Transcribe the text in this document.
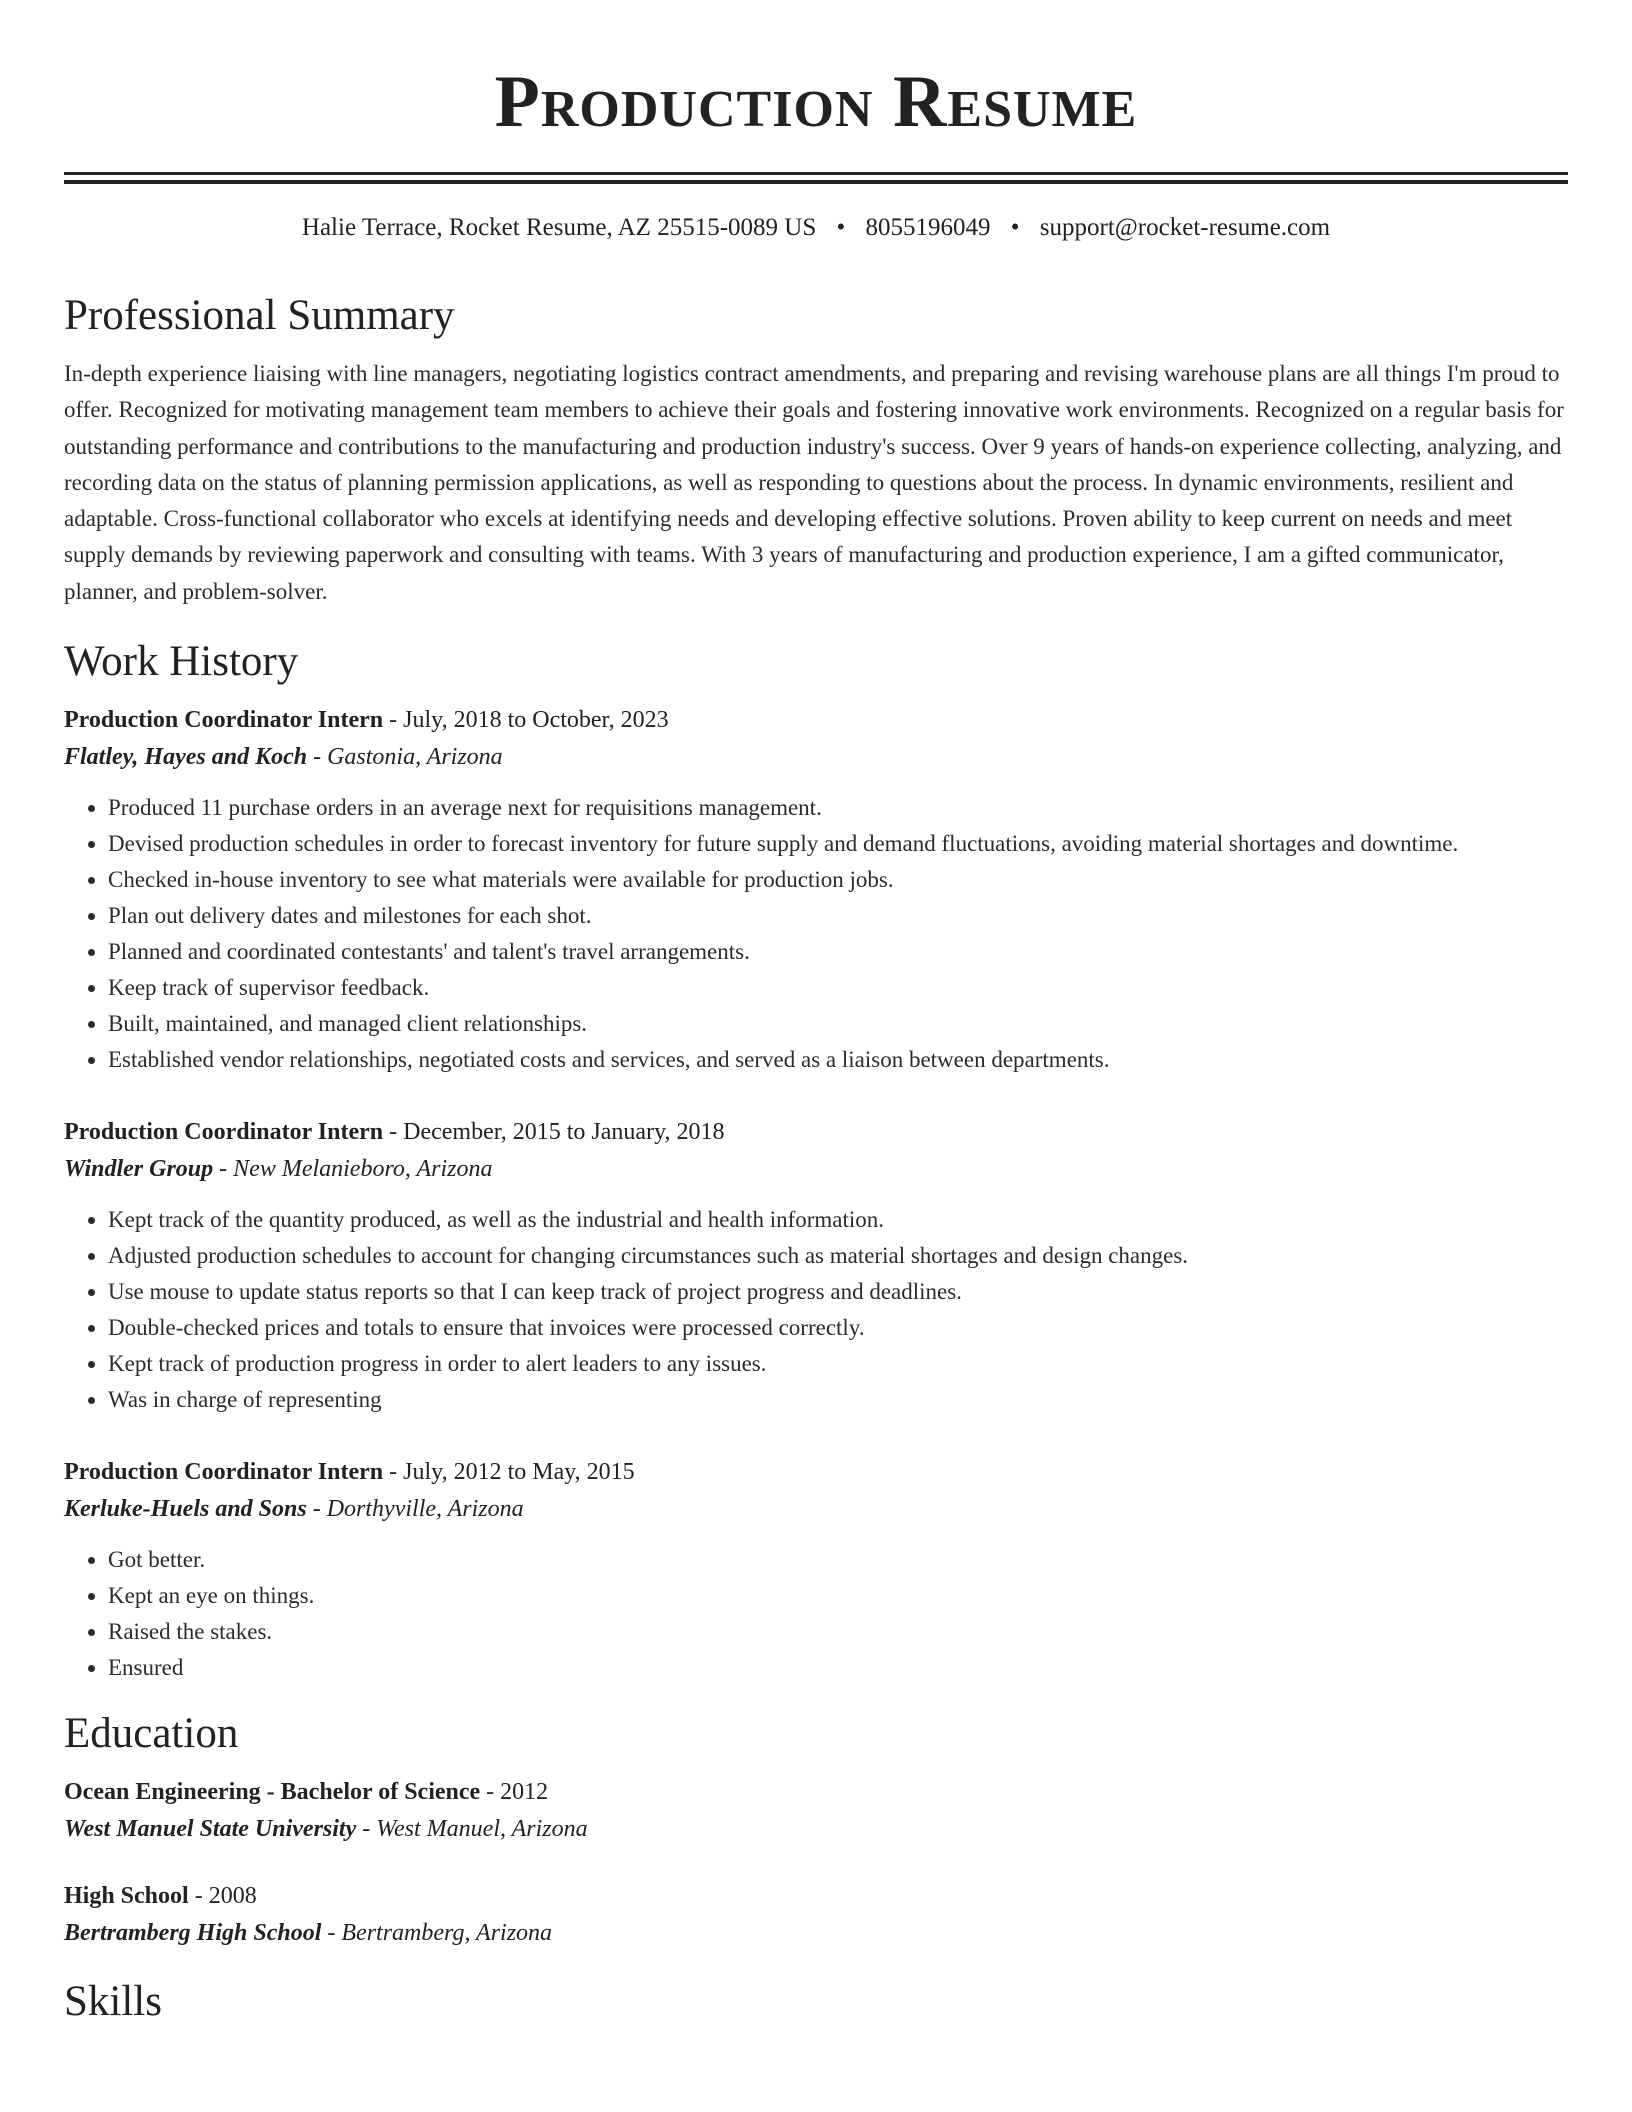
Production Resume
Halie Terrace, Rocket Resume, AZ 25515-0089 US • 8055196049 • support@rocket-resume.com
Professional Summary

In-depth experience liaising with line managers, negotiating logistics contract amendments, and preparing and revising warehouse plans are all things I'm proud to offer. Recognized for motivating management team members to achieve their goals and fostering innovative work environments. Recognized on a regular basis for outstanding performance and contributions to the manufacturing and production industry's success. Over 9 years of hands-on experience collecting, analyzing, and recording data on the status of planning permission applications, as well as responding to questions about the process. In dynamic environments, resilient and adaptable. Cross-functional collaborator who excels at identifying needs and developing effective solutions. Proven ability to keep current on needs and meet supply demands by reviewing paperwork and consulting with teams. With 3 years of manufacturing and production experience, I am a gifted communicator, planner, and problem-solver.

Work History
Production Coordinator Intern - July, 2018 to October, 2023
Flatley, Hayes and Koch - Gastonia, Arizona
• Produced 11 purchase orders in an average next for requisitions management.
• Devised production schedules in order to forecast inventory for future supply and demand fluctuations, avoiding material shortages and downtime.
• Checked in-house inventory to see what materials were available for production jobs.
• Plan out delivery dates and milestones for each shot.
• Planned and coordinated contestants' and talent's travel arrangements.
• Keep track of supervisor feedback.
• Built, maintained, and managed client relationships.
• Established vendor relationships, negotiated costs and services, and served as a liaison between departments.
Production Coordinator Intern - December, 2015 to January, 2018
Windler Group - New Melanieboro, Arizona
• Kept track of the quantity produced, as well as the industrial and health information.
• Adjusted production schedules to account for changing circumstances such as material shortages and design changes.
• Use mouse to update status reports so that I can keep track of project progress and deadlines.
• Double-checked prices and totals to ensure that invoices were processed correctly.
• Kept track of production progress in order to alert leaders to any issues.
• Was in charge of representing
Production Coordinator Intern - July, 2012 to May, 2015
Kerluke-Huels and Sons - Dorthyville, Arizona
• Got better.
• Kept an eye on things.
• Raised the stakes.
• Ensured
Education
Ocean Engineering - Bachelor of Science - 2012
West Manuel State University - West Manuel, Arizona
High School - 2008
Bertramberg High School - Bertramberg, Arizona
Skills
